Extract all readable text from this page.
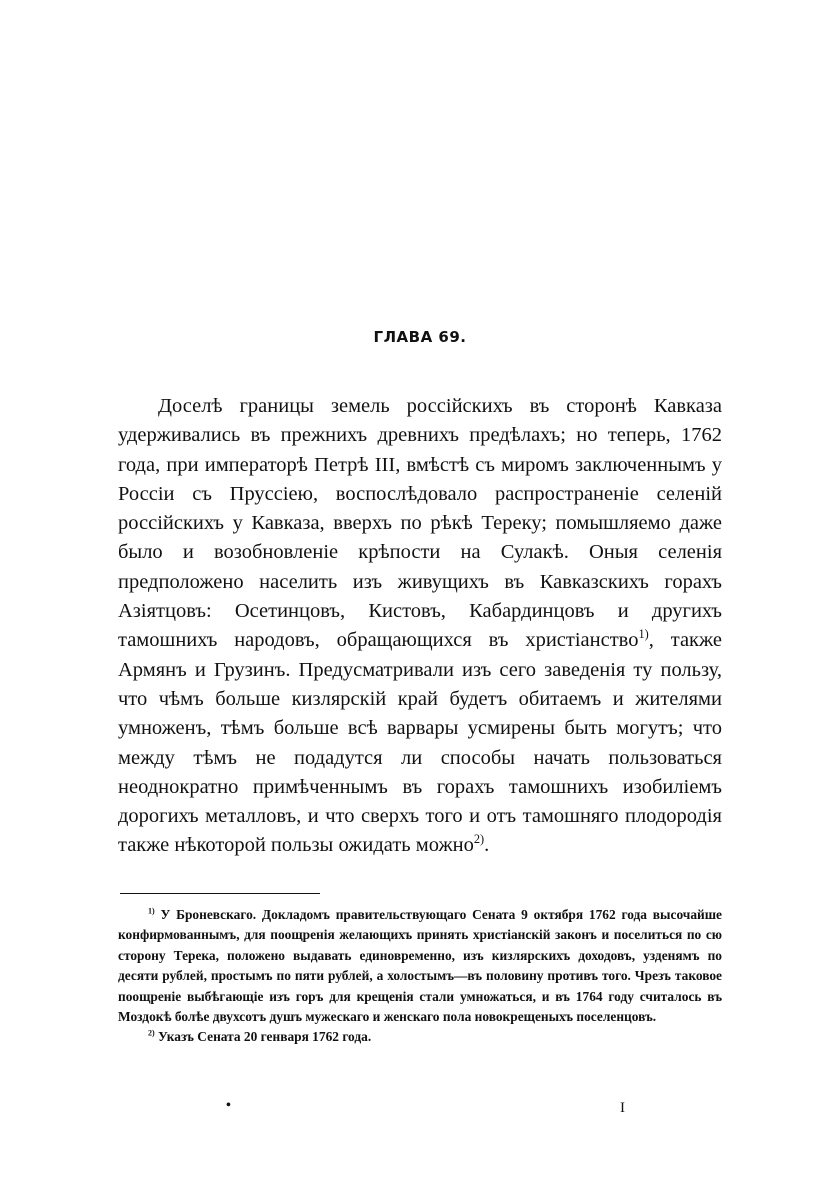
ГЛАВА 69.

Доселѣ границы земель россійскихъ въ сторонѣ Кавказа удерживались въ прежнихъ древнихъ предѣлахъ; но теперь, 1762 года, при императорѣ Петрѣ III, вмѣстѣ съ миромъ заключеннымъ у Россіи съ Пруссіею, воспослѣдовало распространеніе селеній россійскихъ у Кавказа, вверхъ по рѣкѣ Тереку; помышляемо даже было и возобновленіе крѣпости на Сулакѣ. Оныя селенія предположено населить изъ живущихъ въ Кавказскихъ горахъ Азіятцовъ: Осетинцовъ, Кистовъ, Кабардинцовъ и другихъ тамошнихъ народовъ, обращающихся въ христіанство$^{1)}$, также Армянъ и Грузинъ. Предусматривали изъ сего заведенія ту пользу, что чѣмъ больше кизлярскій край будетъ обитаемъ и жителями умноженъ, тѣмъ больше всѣ варвары усмирены быть могутъ; что между тѣмъ не подадутся ли способы начать пользоваться неоднократно примѣченнымъ въ горахъ тамошнихъ изобиліемъ дорогихъ металловъ, и что сверхъ того и отъ тамошняго плодородія также нѣкоторой пользы ожидать можно$^{2)}$.

$^{1)}$ У Броневскаго. Докладомъ правительствующаго Сената 9 октября 1762 года высочайше конфирмованнымъ, для поощренія желающихъ принять христіанскій законъ и поселиться по сю сторону Терека, положено выдавать единовременно, изъ кизлярскихъ доходовъ, узденямъ по десяти рублей, простымъ по пяти рублей, а холостымъ—въ половину противъ того. Чрезъ таковое поощреніе выбѣгающіе изъ горъ для крещенія стали умножаться, и въ 1764 году считалось въ Моздокѣ болѣе двухсотъ душъ мужескаго и женскаго пола новокрещеныхъ поселенцовъ.

$^{2)}$ Указъ Сената 20 генваря 1762 года.

•	I
